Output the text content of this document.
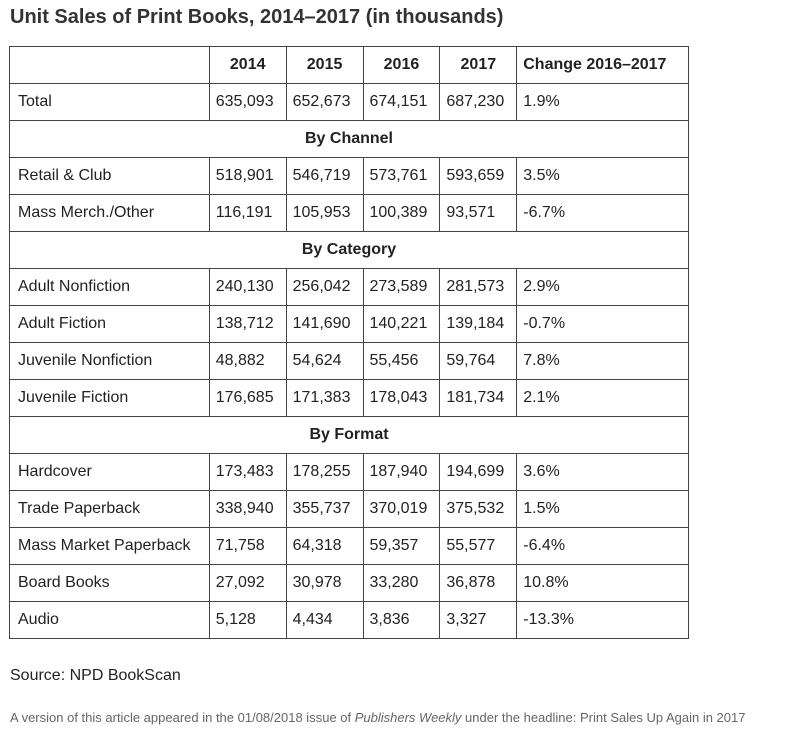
Unit Sales of Print Books, 2014–2017 (in thousands)
	2014	2015	2016	2017	Change 2016–2017
Total	635,093	652,673	674,151	687,230	1.9%
By Channel					
Retail & Club	518,901	546,719	573,761	593,659	3.5%
Mass Merch./Other	116,191	105,953	100,389	93,571	-6.7%
By Category					
Adult Nonfiction	240,130	256,042	273,589	281,573	2.9%
Adult Fiction	138,712	141,690	140,221	139,184	-0.7%
Juvenile Nonfiction	48,882	54,624	55,456	59,764	7.8%
Juvenile Fiction	176,685	171,383	178,043	181,734	2.1%
By Format					
Hardcover	173,483	178,255	187,940	194,699	3.6%
Trade Paperback	338,940	355,737	370,019	375,532	1.5%
Mass Market Paperback	71,758	64,318	59,357	55,577	-6.4%
Board Books	27,092	30,978	33,280	36,878	10.8%
Audio	5,128	4,434	3,836	3,327	-13.3%
Source: NPD BookScan
A version of this article appeared in the 01/08/2018 issue of Publishers Weekly under the headline: Print Sales Up Again in 2017
